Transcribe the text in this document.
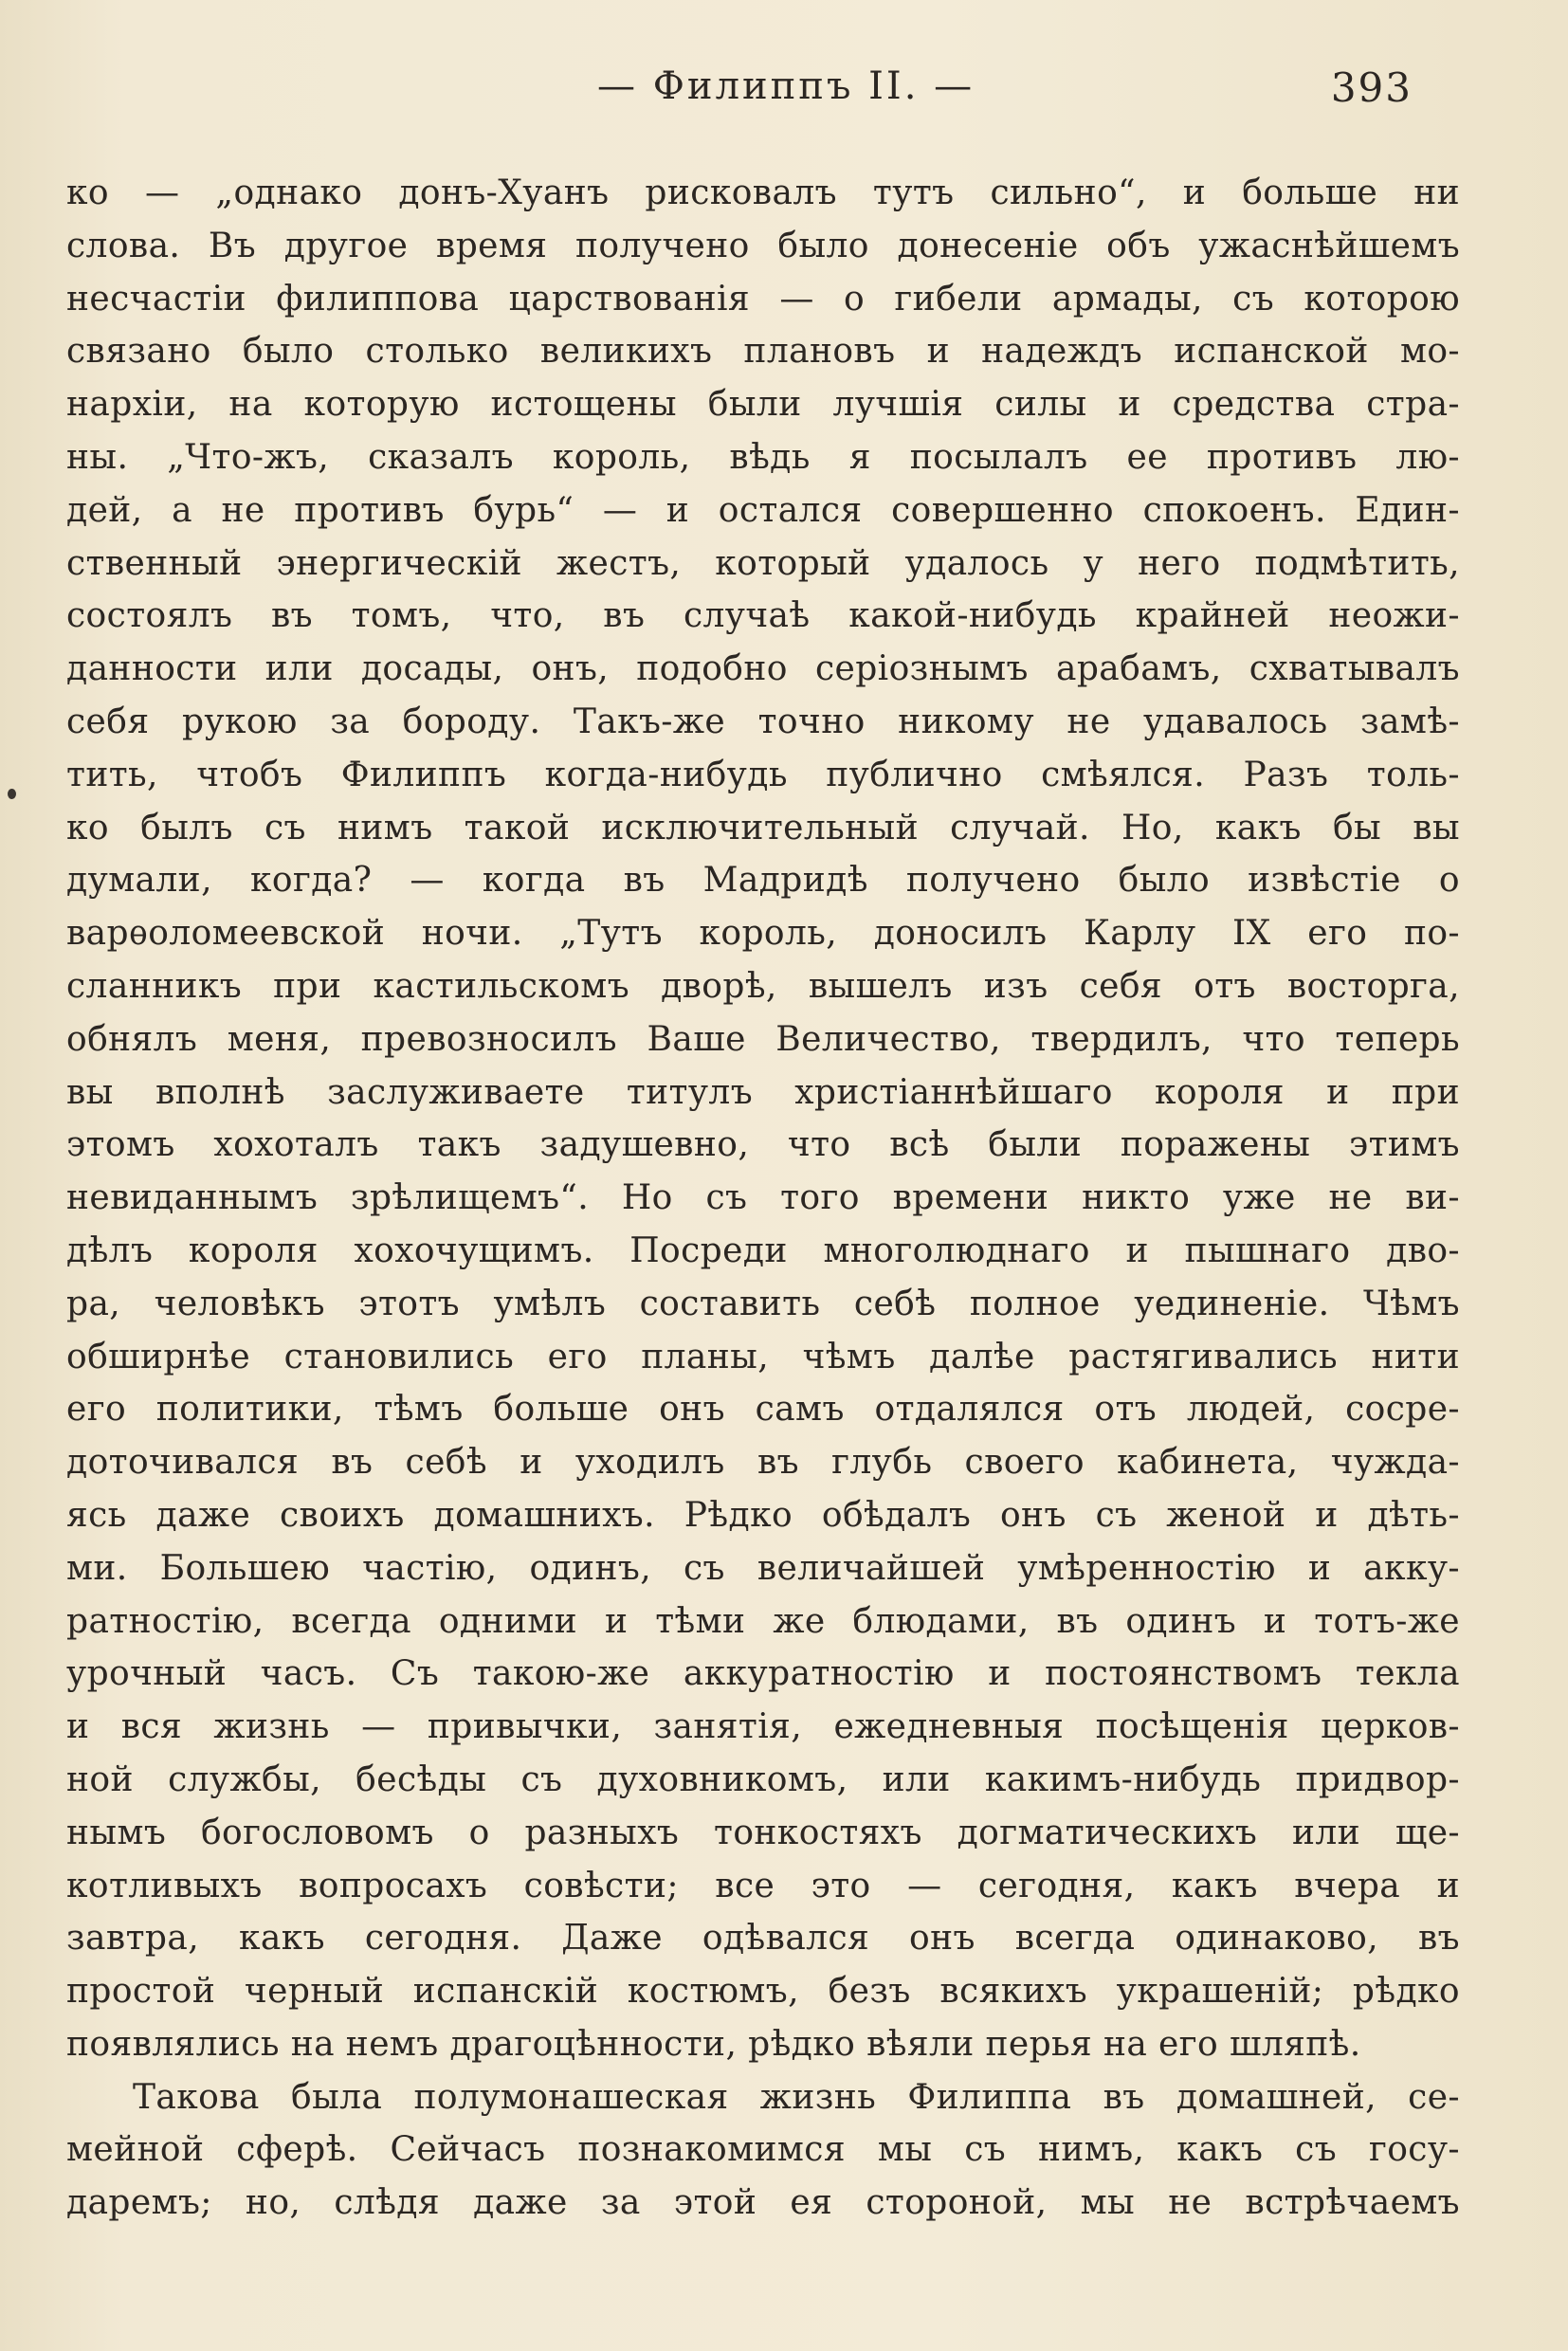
— Филиппъ II. —	393
ко — „однако донъ-Хуанъ рисковалъ тутъ сильно“, и больше ни
слова. Въ другое время получено было донесеніе объ ужаснѣйшемъ
несчастіи филиппова царствованія — о гибели армады, съ которою
связано было столько великихъ плановъ и надеждъ испанской мо-
нархіи, на которую истощены были лучшія силы и средства стра-
ны. „Что-жъ, сказалъ король, вѣдь я посылалъ ее противъ лю-
дей, а не противъ бурь“ — и остался совершенно спокоенъ. Един-
ственный энергическій жестъ, который удалось у него подмѣтить,
состоялъ въ томъ, что, въ случаѣ какой-нибудь крайней неожи-
данности или досады, онъ, подобно серіознымъ арабамъ, схватывалъ
себя рукою за бороду. Такъ-же точно никому не удавалось замѣ-
тить, чтобъ Филиппъ когда-нибудь публично смѣялся. Разъ толь-
ко былъ съ нимъ такой исключительный случай. Но, какъ бы вы
думали, когда? — когда въ Мадридѣ получено было извѣстіе о
варѳоломеевской ночи. „Тутъ король, доносилъ Карлу IX его по-
сланникъ при кастильскомъ дворѣ, вышелъ изъ себя отъ восторга,
обнялъ меня, превозносилъ Ваше Величество, твердилъ, что теперь
вы вполнѣ заслуживаете титулъ христіаннѣйшаго короля и при
этомъ хохоталъ такъ задушевно, что всѣ были поражены этимъ
невиданнымъ зрѣлищемъ“. Но съ того времени никто уже не ви-
дѣлъ короля хохочущимъ. Посреди многолюднаго и пышнаго дво-
ра, человѣкъ этотъ умѣлъ составить себѣ полное уединеніе. Чѣмъ
обширнѣе становились его планы, чѣмъ далѣе растягивались нити
его политики, тѣмъ больше онъ самъ отдалялся отъ людей, сосре-
доточивался въ себѣ и уходилъ въ глубь своего кабинета, чуждa-
ясь даже своихъ домашнихъ. Рѣдко обѣдалъ онъ съ женой и дѣть-
ми. Большею частію, одинъ, съ величайшей умѣренностію и акку-
ратностію, всегда одними и тѣми же блюдами, въ одинъ и тотъ-же
урочный часъ. Съ такою-же аккуратностію и постоянствомъ текла
и вся жизнь — привычки, занятія, ежедневныя посѣщенія церков-
ной службы, бесѣды съ духовникомъ, или какимъ-нибудь придвор-
нымъ богословомъ о разныхъ тонкостяхъ догматическихъ или ще-
котливыхъ вопросахъ совѣсти; все это — сегодня, какъ вчера и
завтра, какъ сегодня. Даже одѣвался онъ всегда одинаково, въ
простой черный испанскій костюмъ, безъ всякихъ украшеній; рѣдко
появлялись на немъ драгоцѣнности, рѣдко вѣяли перья на его шляпѣ.
Такова была полумонашеская жизнь Филиппа въ домашней, се-
мейной сферѣ. Сейчасъ познакомимся мы съ нимъ, какъ съ госу-
даремъ; но, слѣдя даже за этой ея стороной, мы не встрѣчаемъ
